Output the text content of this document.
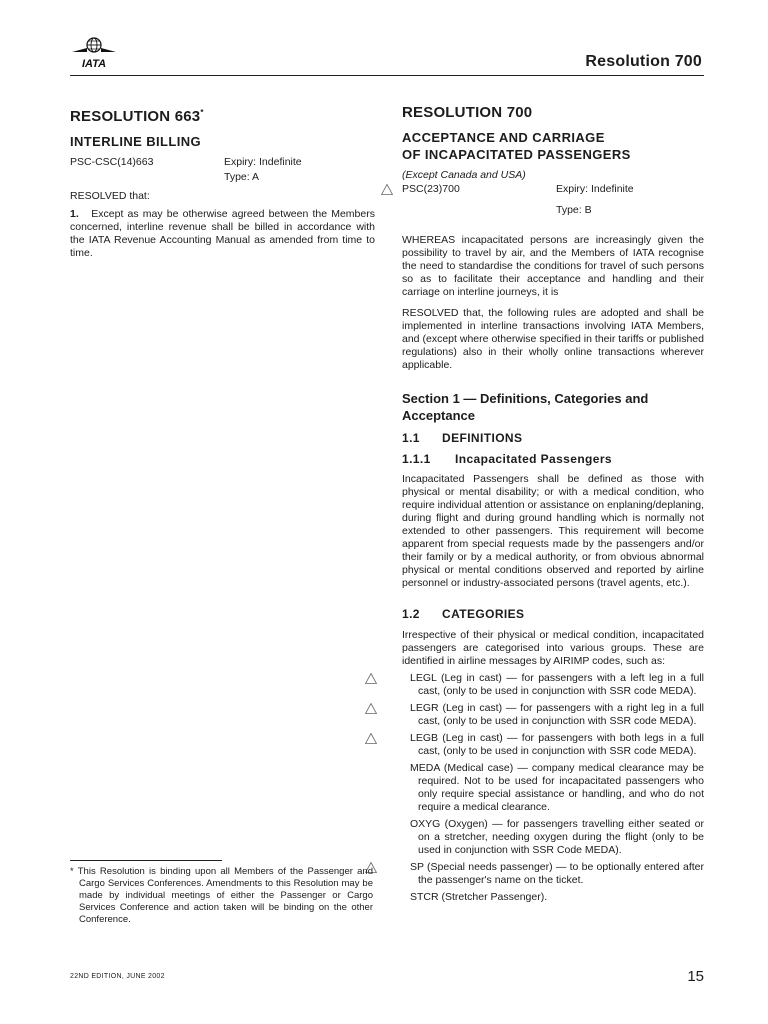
IATA	Resolution 700
RESOLUTION 663*
INTERLINE BILLING
PSC-CSC(14)663	Expiry: Indefinite
Type: A

RESOLVED that:

1. Except as may be otherwise agreed between the Members concerned, interline revenue shall be billed in accordance with the IATA Revenue Accounting Manual as amended from time to time.

RESOLUTION 700
ACCEPTANCE AND CARRIAGE
OF INCAPACITATED PASSENGERS

(Except Canada and USA)

PSC(23)700	Expiry: Indefinite
Type: B

WHEREAS incapacitated persons are increasingly given the possibility to travel by air, and the Members of IATA recognise the need to standardise the conditions for travel of such persons so as to facilitate their acceptance and handling and their carriage on interline journeys, it is

RESOLVED that, the following rules are adopted and shall be implemented in interline transactions involving IATA Members, and (except where otherwise specified in their tariffs or published regulations) also in their wholly online transactions wherever applicable.

Section 1 — Definitions, Categories and Acceptance
1.1 DEFINITIONS
1.1.1 Incapacitated Passengers

Incapacitated Passengers shall be defined as those with physical or mental disability; or with a medical condition, who require individual attention or assistance on enplaning/deplaning, during flight and during ground handling which is normally not extended to other passengers. This requirement will become apparent from special requests made by the passengers and/or their family or by a medical authority, or from obvious abnormal physical or mental conditions observed and reported by airline personnel or industry-associated persons (travel agents, etc.).

1.2 CATEGORIES

Irrespective of their physical or medical condition, incapacitated passengers are categorised into various groups. These are identified in airline messages by AIRIMP codes, such as:

LEGL (Leg in cast) — for passengers with a left leg in a full cast, (only to be used in conjunction with SSR code MEDA).
LEGR (Leg in cast) — for passengers with a right leg in a full cast, (only to be used in conjunction with SSR code MEDA).
LEGB (Leg in cast) — for passengers with both legs in a full cast, (only to be used in conjunction with SSR code MEDA).
MEDA (Medical case) — company medical clearance may be required. Not to be used for incapacitated passengers who only require special assistance or handling, and who do not require a medical clearance.
OXYG (Oxygen) — for passengers travelling either seated or on a stretcher, needing oxygen during the flight (only to be used in conjunction with SSR Code MEDA).
SP (Special needs passenger) — to be optionally entered after the passenger's name on the ticket.
STCR (Stretcher Passenger).
* This Resolution is binding upon all Members of the Passenger and Cargo Services Conferences. Amendments to this Resolution may be made by individual meetings of either the Passenger or Cargo Services Conference and action taken will be binding on the other Conference.
22ND EDITION, JUNE 2002	15
